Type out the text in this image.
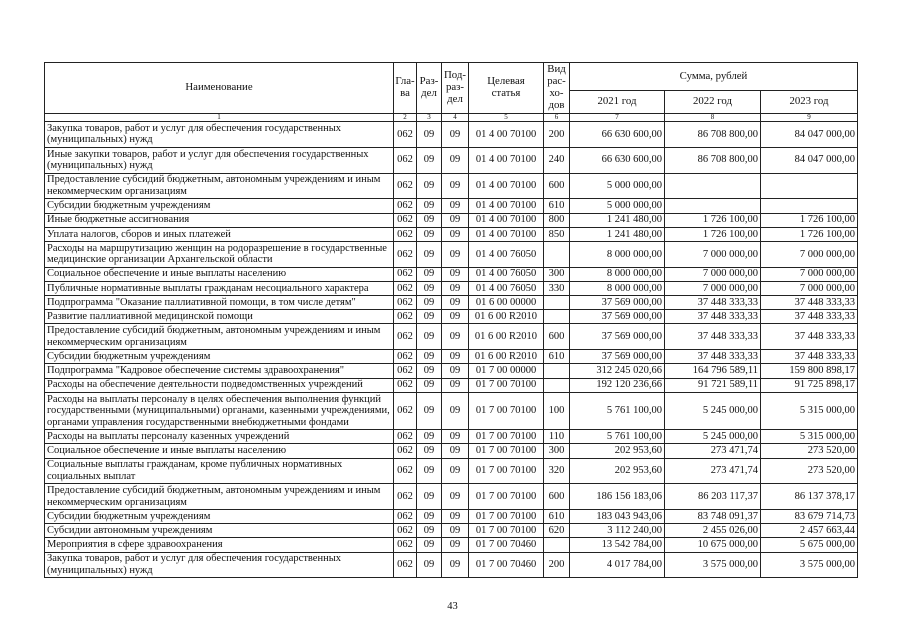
Наименование	Гла-ва	Раз-дел	Под-раз-дел	Целевая статья	Вид рас-хо-дов	Сумма, рублей		
						2021 год	2022 год	2023 год
1	2	3	4	5	6	7	8	9
Закупка товаров, работ и услуг для обеспечения государственных (муниципальных) нужд	062	09	09	01 4 00 70100	200	66 630 600,00	86 708 800,00	84 047 000,00
Иные закупки товаров, работ и услуг для обеспечения государственных (муниципальных) нужд	062	09	09	01 4 00 70100	240	66 630 600,00	86 708 800,00	84 047 000,00
Предоставление субсидий бюджетным, автономным учреждениям и иным некоммерческим организациям	062	09	09	01 4 00 70100	600	5 000 000,00		
Субсидии бюджетным учреждениям	062	09	09	01 4 00 70100	610	5 000 000,00		
Иные бюджетные ассигнования	062	09	09	01 4 00 70100	800	1 241 480,00	1 726 100,00	1 726 100,00
Уплата налогов, сборов и иных платежей	062	09	09	01 4 00 70100	850	1 241 480,00	1 726 100,00	1 726 100,00
Расходы на маршрутизацию женщин на родоразрешение в государственные медицинские организации Архангельской области	062	09	09	01 4 00 76050		8 000 000,00	7 000 000,00	7 000 000,00
Социальное обеспечение и иные выплаты населению	062	09	09	01 4 00 76050	300	8 000 000,00	7 000 000,00	7 000 000,00
Публичные нормативные выплаты гражданам несоциального характера	062	09	09	01 4 00 76050	330	8 000 000,00	7 000 000,00	7 000 000,00
Подпрограмма "Оказание паллиативной помощи, в том числе детям"	062	09	09	01 6 00 00000		37 569 000,00	37 448 333,33	37 448 333,33
Развитие паллиативной медицинской помощи	062	09	09	01 6 00 R2010		37 569 000,00	37 448 333,33	37 448 333,33
Предоставление субсидий бюджетным, автономным учреждениям и иным некоммерческим организациям	062	09	09	01 6 00 R2010	600	37 569 000,00	37 448 333,33	37 448 333,33
Субсидии бюджетным учреждениям	062	09	09	01 6 00 R2010	610	37 569 000,00	37 448 333,33	37 448 333,33
Подпрограмма "Кадровое обеспечение системы здравоохранения"	062	09	09	01 7 00 00000		312 245 020,66	164 796 589,11	159 800 898,17
Расходы на обеспечение деятельности подведомственных учреждений	062	09	09	01 7 00 70100		192 120 236,66	91 721 589,11	91 725 898,17
Расходы на выплаты персоналу в целях обеспечения выполнения функций государственными (муниципальными) органами, казенными учреждениями, органами управления государственными внебюджетными фондами	062	09	09	01 7 00 70100	100	5 761 100,00	5 245 000,00	5 315 000,00
Расходы на выплаты персоналу казенных учреждений	062	09	09	01 7 00 70100	110	5 761 100,00	5 245 000,00	5 315 000,00
Социальное обеспечение и иные выплаты населению	062	09	09	01 7 00 70100	300	202 953,60	273 471,74	273 520,00
Социальные выплаты гражданам, кроме публичных нормативных социальных выплат	062	09	09	01 7 00 70100	320	202 953,60	273 471,74	273 520,00
Предоставление субсидий бюджетным, автономным учреждениям и иным некоммерческим организациям	062	09	09	01 7 00 70100	600	186 156 183,06	86 203 117,37	86 137 378,17
Субсидии бюджетным учреждениям	062	09	09	01 7 00 70100	610	183 043 943,06	83 748 091,37	83 679 714,73
Субсидии автономным учреждениям	062	09	09	01 7 00 70100	620	3 112 240,00	2 455 026,00	2 457 663,44
Мероприятия в сфере здравоохранения	062	09	09	01 7 00 70460		13 542 784,00	10 675 000,00	5 675 000,00
Закупка товаров, работ и услуг для обеспечения государственных (муниципальных) нужд	062	09	09	01 7 00 70460	200	4 017 784,00	3 575 000,00	3 575 000,00
43
